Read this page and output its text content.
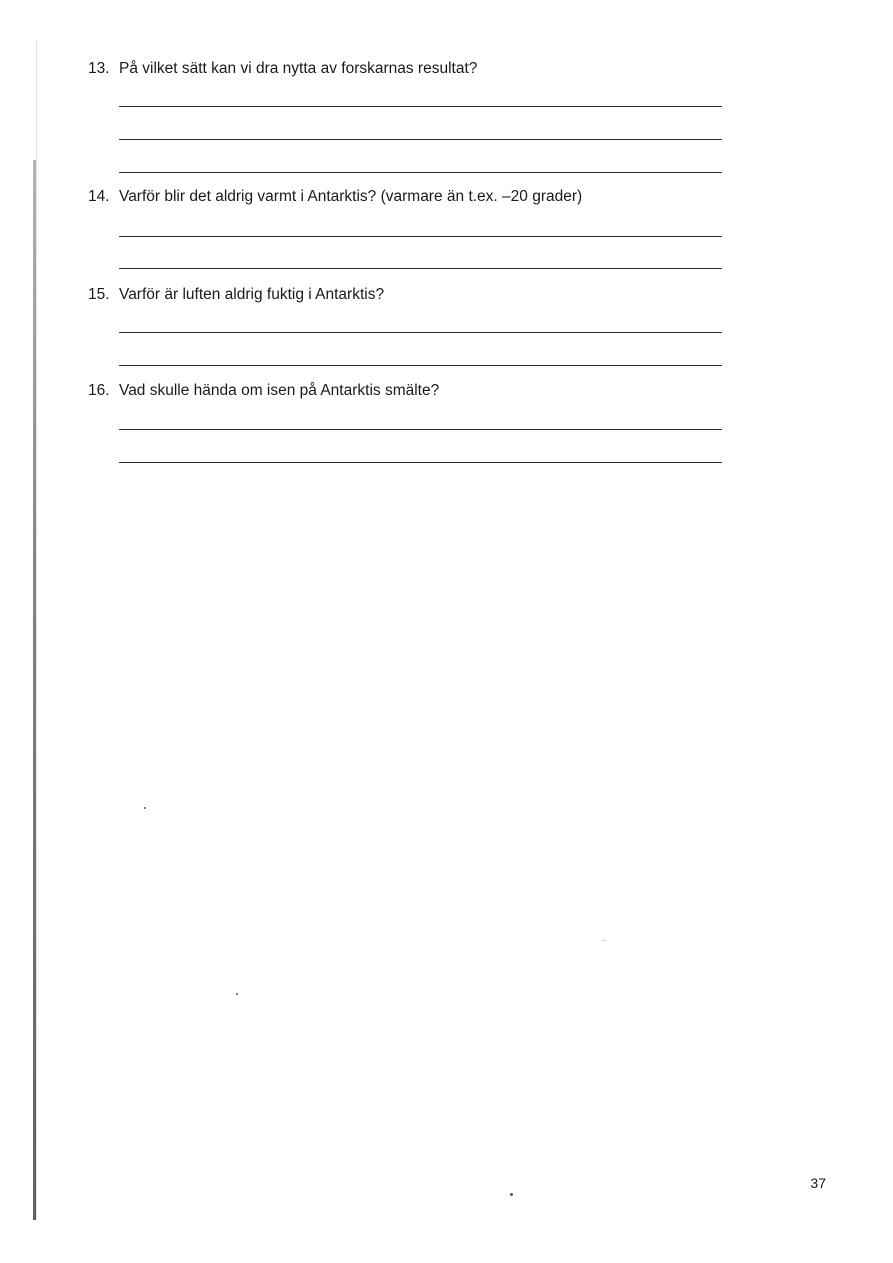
13. På vilket sätt kan vi dra nytta av forskarnas resultat?
14. Varför blir det aldrig varmt i Antarktis? (varmare än t.ex. –20 grader)
15. Varför är luften aldrig fuktig i Antarktis?
16. Vad skulle hända om isen på Antarktis smälte?
37
